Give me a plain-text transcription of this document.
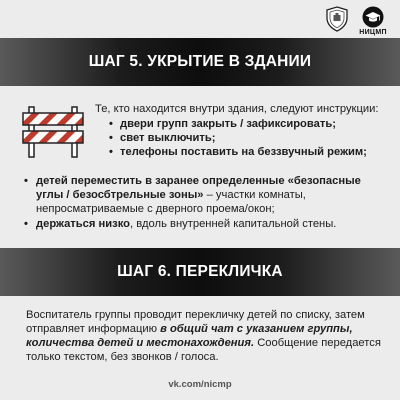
НИЦМП
ШАГ 5. УКРЫТИЕ В ЗДАНИИ

Те, кто находится внутри здания, следуют инструкции:

• двери групп закрыть / зафиксировать;
• свет выключить;
• телефоны поставить на беззвучный режим;
• детей переместить в заранее определенные «безопасные углы / безосбтрельные зоны» – участки комнаты, непросматриваемые с дверного проема/окон;
• держаться низко, вдоль внутренней капитальной стены.
ШАГ 6. ПЕРЕКЛИЧКА

Воспитатель группы проводит перекличку детей по списку, затем отправляет информацию в общий чат с указанием группы, количества детей и местонахождения. Сообщение передается только текстом, без звонков / голоса.

vk.com/nicmp
